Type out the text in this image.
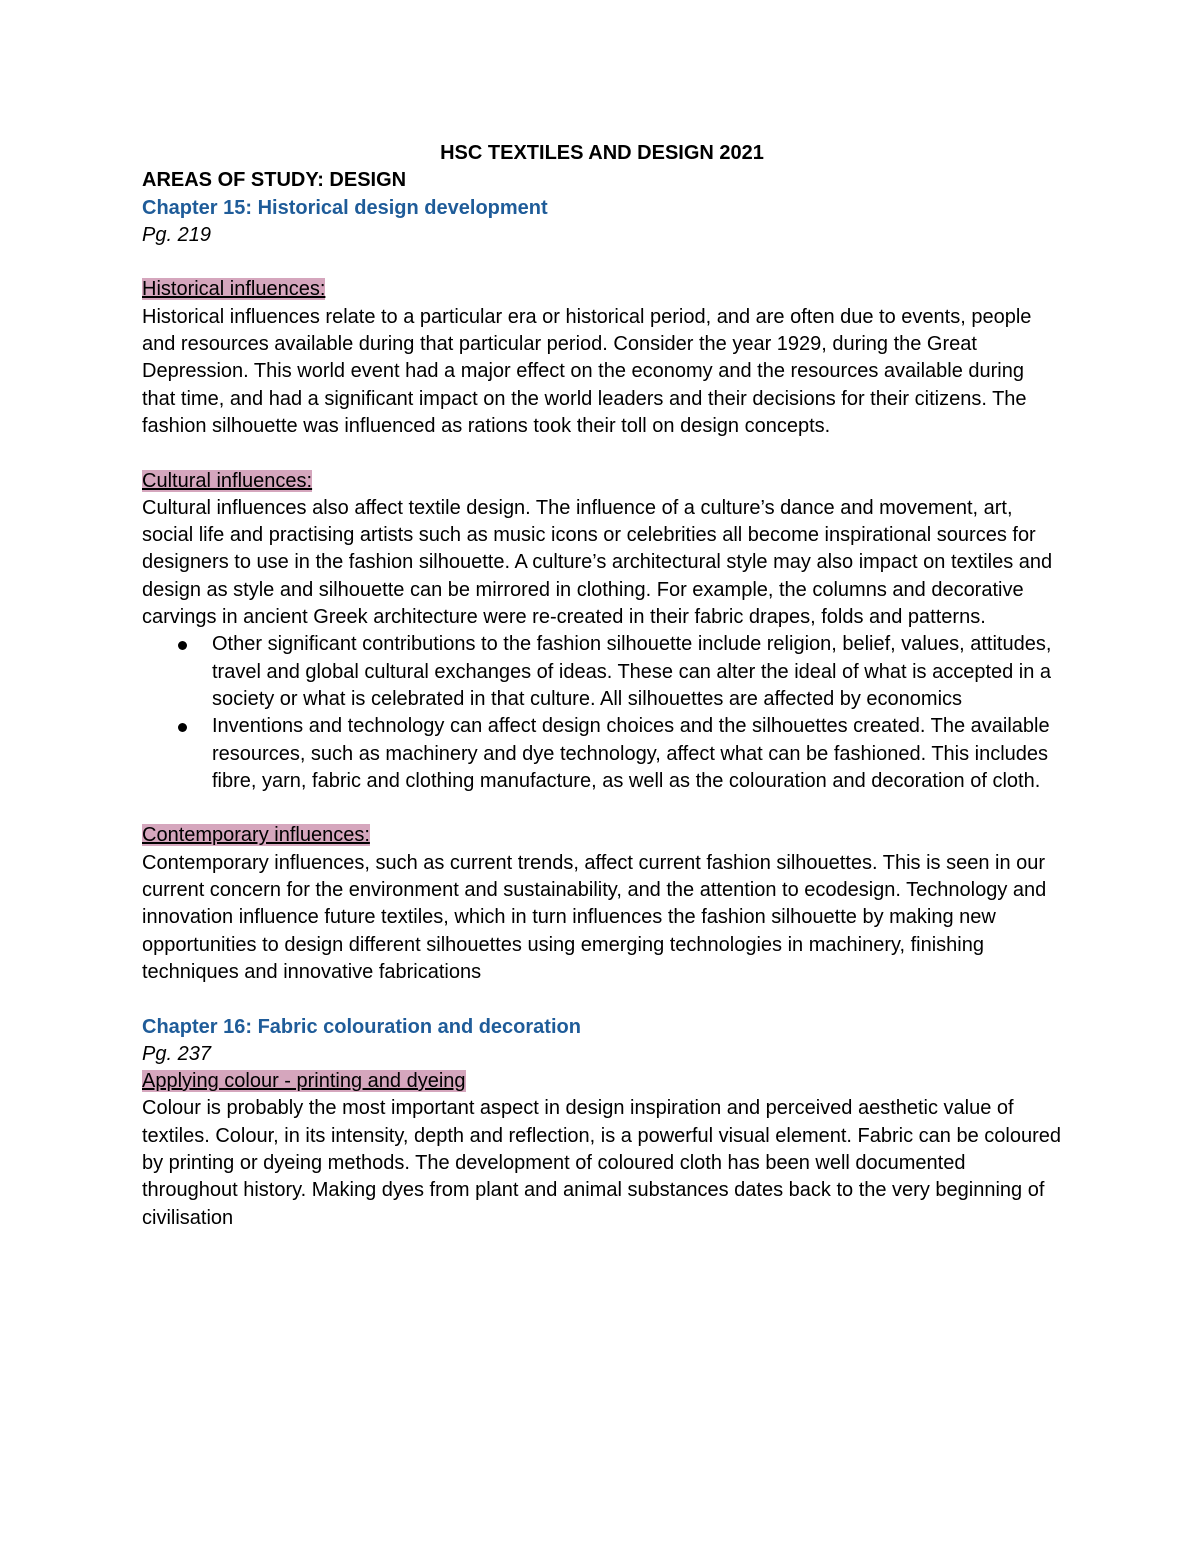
HSC TEXTILES AND DESIGN 2021

AREAS OF STUDY: DESIGN

Chapter 15: Historical design development

Pg. 219

Historical influences:

Historical influences relate to a particular era or historical period, and are often due to events, people and resources available during that particular period. Consider the year 1929, during the Great Depression. This world event had a major effect on the economy and the resources available during that time, and had a significant impact on the world leaders and their decisions for their citizens. The fashion silhouette was influenced as rations took their toll on design concepts.

Cultural influences:

Cultural influences also affect textile design. The influence of a culture’s dance and movement, art, social life and practising artists such as music icons or celebrities all become inspirational sources for designers to use in the fashion silhouette. A culture’s architectural style may also impact on textiles and design as style and silhouette can be mirrored in clothing. For example, the columns and decorative carvings in ancient Greek architecture were re-created in their fabric drapes, folds and patterns.

Other significant contributions to the fashion silhouette include religion, belief, values, attitudes, travel and global cultural exchanges of ideas. These can alter the ideal of what is accepted in a society or what is celebrated in that culture. All silhouettes are affected by economics
Inventions and technology can affect design choices and the silhouettes created. The available resources, such as machinery and dye technology, affect what can be fashioned. This includes fibre, yarn, fabric and clothing manufacture, as well as the colouration and decoration of cloth.

Contemporary influences:

Contemporary influences, such as current trends, affect current fashion silhouettes. This is seen in our current concern for the environment and sustainability, and the attention to ecodesign. Technology and innovation influence future textiles, which in turn influences the fashion silhouette by making new opportunities to design different silhouettes using emerging technologies in machinery, finishing techniques and innovative fabrications

Chapter 16: Fabric colouration and decoration

Pg. 237

Applying colour - printing and dyeing

Colour is probably the most important aspect in design inspiration and perceived aesthetic value of textiles. Colour, in its intensity, depth and reflection, is a powerful visual element. Fabric can be coloured by printing or dyeing methods. The development of coloured cloth has been well documented throughout history. Making dyes from plant and animal substances dates back to the very beginning of civilisation
